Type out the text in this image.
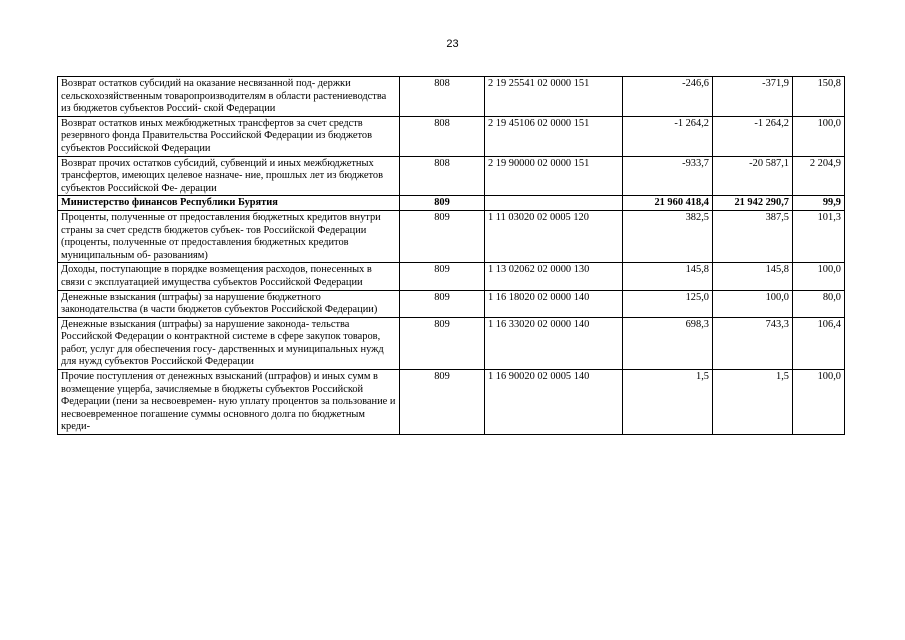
23
Возврат остатков субсидий на оказание несвязанной под- держки сельскохозяйственным товаропроизводителям в области растениеводства из бюджетов субъектов Россий- ской Федерации	808	2 19 25541 02 0000 151	-246,6	-371,9	150,8
Возврат остатков иных межбюджетных трансфертов за счет средств резервного фонда Правительства Российской Федерации из бюджетов субъектов Российской Федерации	808	2 19 45106 02 0000 151	-1 264,2	-1 264,2	100,0
Возврат прочих остатков субсидий, субвенций и иных межбюджетных трансфертов, имеющих целевое назначе- ние, прошлых лет из бюджетов субъектов Российской Фе- дерации	808	2 19 90000 02 0000 151	-933,7	-20 587,1	2 204,9
Министерство финансов Республики Бурятия	809		21 960 418,4	21 942 290,7	99,9
Проценты, полученные от предоставления бюджетных кредитов внутри страны за счет средств бюджетов субъек- тов Российской Федерации (проценты, полученные от предоставления бюджетных кредитов муниципальным об- разованиям)	809	1 11 03020 02 0005 120	382,5	387,5	101,3
Доходы, поступающие в порядке возмещения расходов, понесенных в связи с эксплуатацией имущества субъектов Российской Федерации	809	1 13 02062 02 0000 130	145,8	145,8	100,0
Денежные взыскания (штрафы) за нарушение бюджетного законодательства (в части бюджетов субъектов Российской Федерации)	809	1 16 18020 02 0000 140	125,0	100,0	80,0
Денежные взыскания (штрафы) за нарушение законода- тельства Российской Федерации о контрактной системе в сфере закупок товаров, работ, услуг для обеспечения госу- дарственных и муниципальных нужд для нужд субъектов Российской Федерации	809	1 16 33020 02 0000 140	698,3	743,3	106,4
Прочие поступления от денежных взысканий (штрафов) и иных сумм в возмещение ущерба, зачисляемые в бюджеты субъектов Российской Федерации (пени за несвоевремен- ную уплату процентов за пользование и несвоевременное погашение суммы основного долга по бюджетным креди-	809	1 16 90020 02 0005 140	1,5	1,5	100,0
